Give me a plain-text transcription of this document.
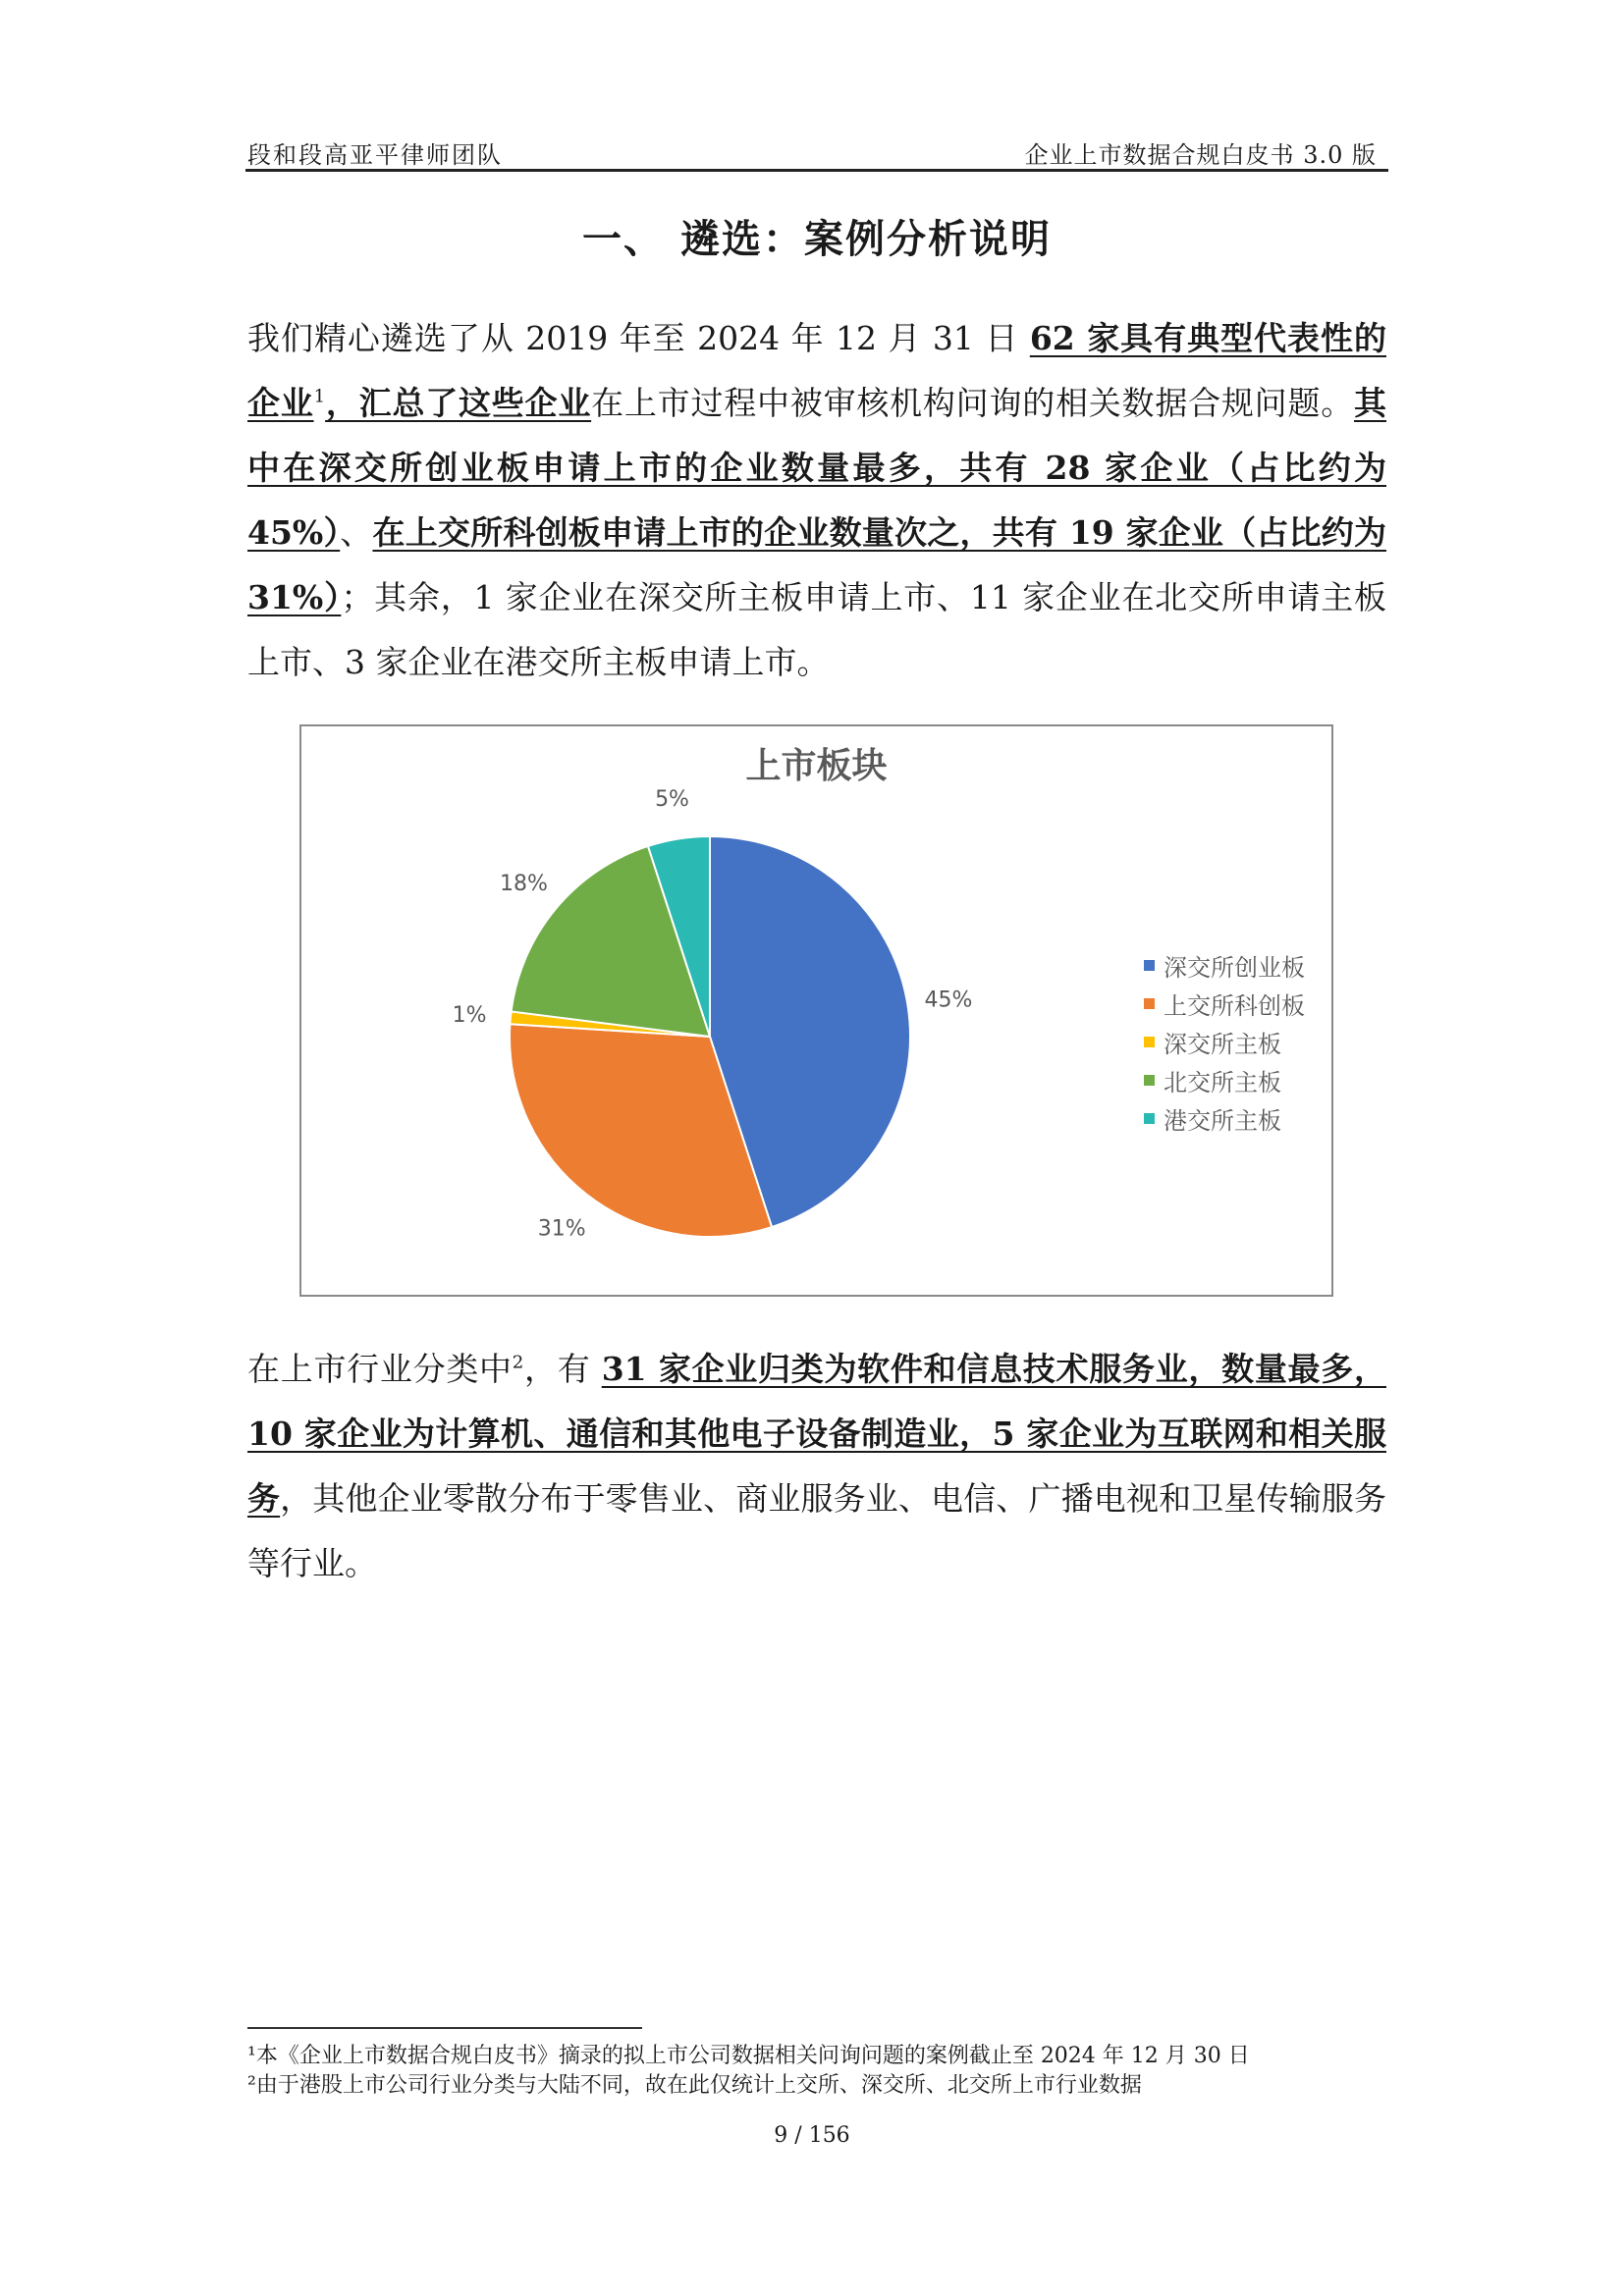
段和段高亚平律师团队	企业上市数据合规白皮书 3.0 版
一、 遴选：案例分析说明
我们精心遴选了从 2019 年至 2024 年 12 月 31 日 62 家具有典型代表性的企业$^1$，汇总了这些企业在上市过程中被审核机构问询的相关数据合规问题。其中在深交所创业板申请上市的企业数量最多，共有 28 家企业（占比约为 45%）、在上交所科创板申请上市的企业数量次之，共有 19 家企业（占比约为 31%）；其余，1 家企业在深交所主板申请上市、11 家企业在北交所申请主板上市、3 家企业在港交所主板申请上市。
上市板块
45%
31%
1%
18%
5%
深交所创业板
上交所科创板
深交所主板
北交所主板
港交所主板
在上市行业分类中$^2$，有 31 家企业归类为软件和信息技术服务业，数量最多，10 家企业为计算机、通信和其他电子设备制造业，5 家企业为互联网和相关服务，其他企业零散分布于零售业、商业服务业、电信、广播电视和卫星传输服务等行业。
¹本《企业上市数据合规白皮书》摘录的拟上市公司数据相关问询问题的案例截止至 2024 年 12 月 30 日
²由于港股上市公司行业分类与大陆不同，故在此仅统计上交所、深交所、北交所上市行业数据
9 / 156
